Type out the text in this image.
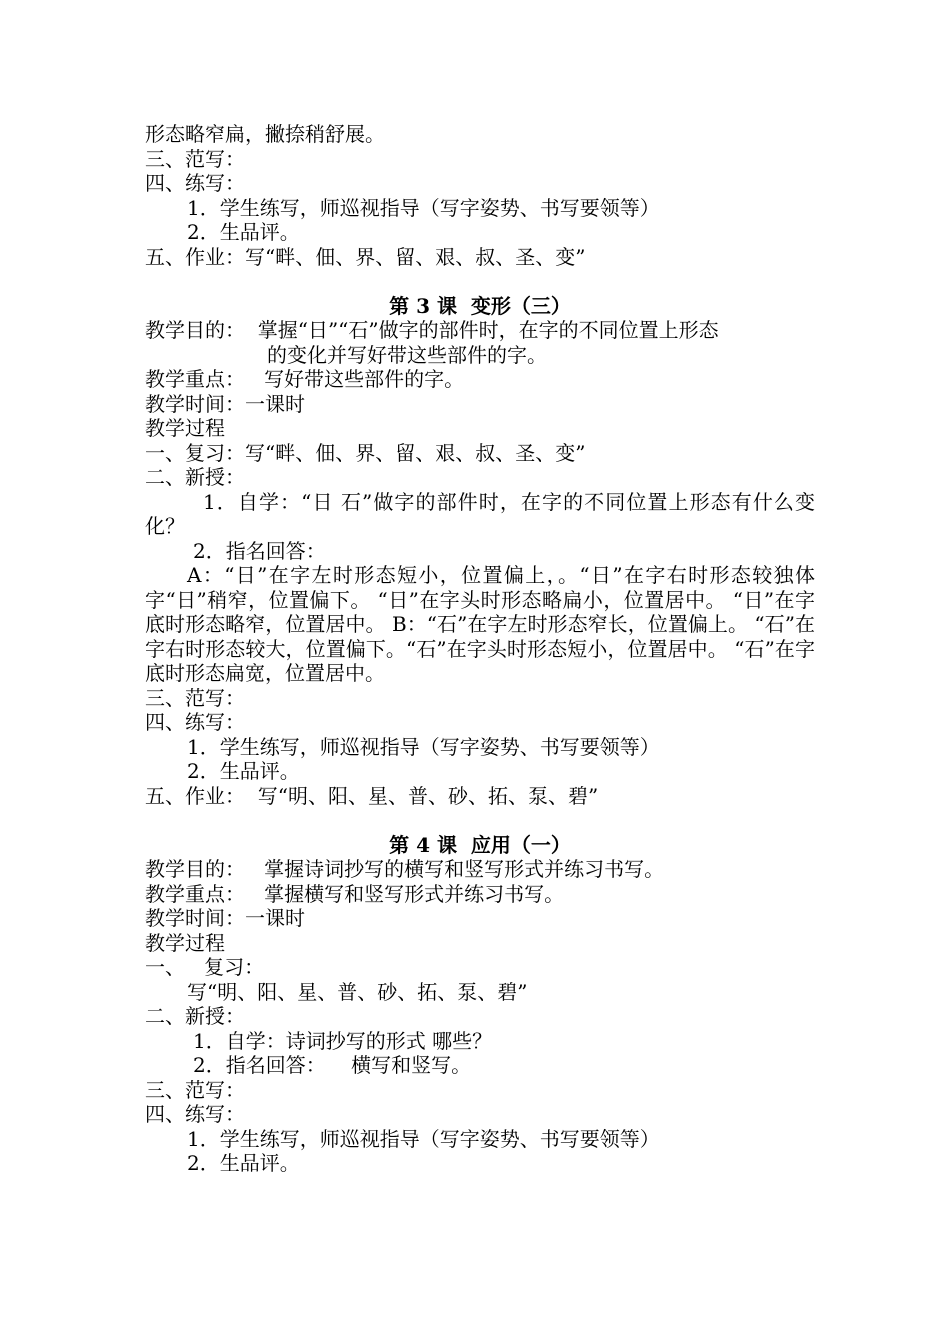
形态略窄扁，撇捺稍舒展。
三、范写：
四、练写：
1．学生练写，师巡视指导（写字姿势、书写要领等）
2．生品评。
五、作业：写“畔、佃、界、留、艰、叔、圣、变”
第 3 课  变形（三）
教学目的：  掌握“日”“石”做字的部件时，在字的不同位置上形态
的变化并写好带这些部件的字。
教学重点：   写好带这些部件的字。
教学时间：一课时
教学过程
一、复习：写“畔、佃、界、留、艰、叔、圣、变”
二、新授：
1．自学：“日 石”做字的部件时，在字的不同位置上形态有什么变化？
2．指名回答：
A：“日”在字左时形态短小，位置偏上，。“日”在字右时形态较独体字“日”稍窄，位置偏下。 “日”在字头时形态略扁小，位置居中。 “日”在字底时形态略窄，位置居中。 B：“石”在字左时形态窄长，位置偏上。 “石”在字右时形态较大，位置偏下。“石”在字头时形态短小，位置居中。 “石”在字底时形态扁宽，位置居中。
三、范写：
四、练写：
1．学生练写，师巡视指导（写字姿势、书写要领等）
2．生品评。
五、作业：  写“明、阳、星、普、砂、拓、泵、碧”
第 4 课  应用（一）
教学目的：   掌握诗词抄写的横写和竖写形式并练习书写。
教学重点：   掌握横写和竖写形式并练习书写。
教学时间：一课时
教学过程
一、   复习：
写“明、阳、星、普、砂、拓、泵、碧”
二、新授：
1．自学：诗词抄写的形式 哪些？
2．指名回答：    横写和竖写。
三、范写：
四、练写：
1．学生练写，师巡视指导（写字姿势、书写要领等）
2．生品评。
